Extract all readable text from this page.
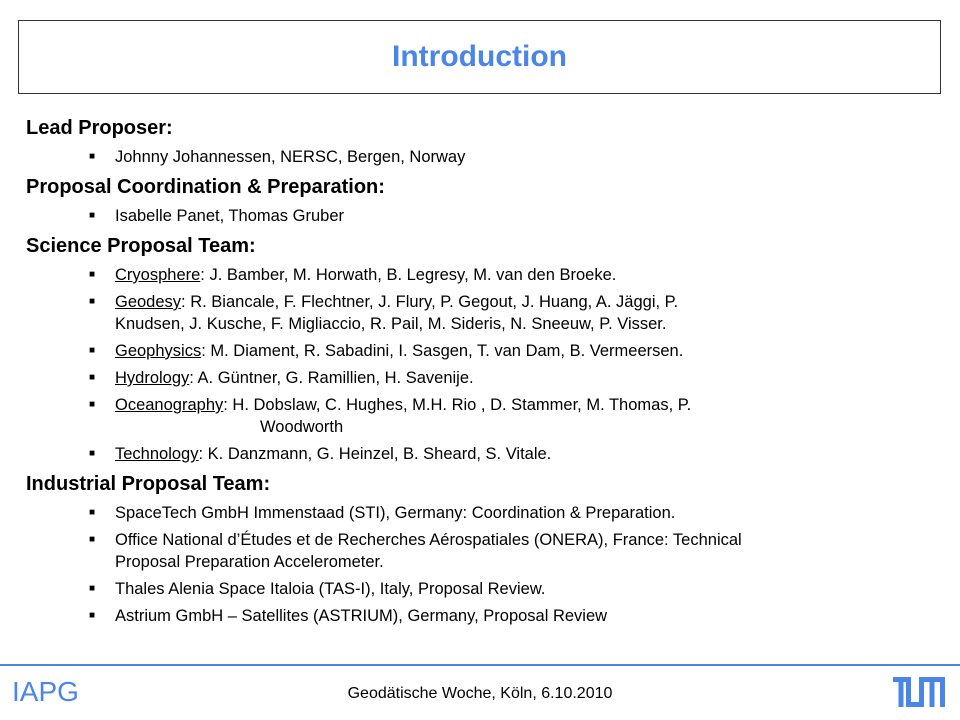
Introduction

Lead Proposer:

■ Johnny Johannessen, NERSC, Bergen, Norway

Proposal Coordination & Preparation:

■ Isabelle Panet, Thomas Gruber

Science Proposal Team:

■ Cryosphere: J. Bamber, M. Horwath, B. Legresy, M. van den Broeke.
■ Geodesy: R. Biancale, F. Flechtner, J. Flury, P. Gegout, J. Huang, A. Jäggi, P.
Knudsen, J. Kusche, F. Migliaccio, R. Pail, M. Sideris, N. Sneeuw, P. Visser.
■ Geophysics: M. Diament, R. Sabadini, I. Sasgen, T. van Dam, B. Vermeersen.
■ Hydrology: A. Güntner, G. Ramillien, H. Savenije.
■ Oceanography: H. Dobslaw, C. Hughes, M.H. Rio , D. Stammer, M. Thomas, P.
Woodworth
■ Technology: K. Danzmann, G. Heinzel, B. Sheard, S. Vitale.

Industrial Proposal Team:

■ SpaceTech GmbH Immenstaad (STI), Germany: Coordination & Preparation.
■ Office National d’Études et de Recherches Aérospatiales (ONERA), France: Technical
Proposal Preparation Accelerometer.
■ Thales Alenia Space Italoia (TAS-I), Italy, Proposal Review.
■ Astrium GmbH – Satellites (ASTRIUM), Germany, Proposal Review
IAPG	Geodätische Woche, Köln, 6.10.2010
